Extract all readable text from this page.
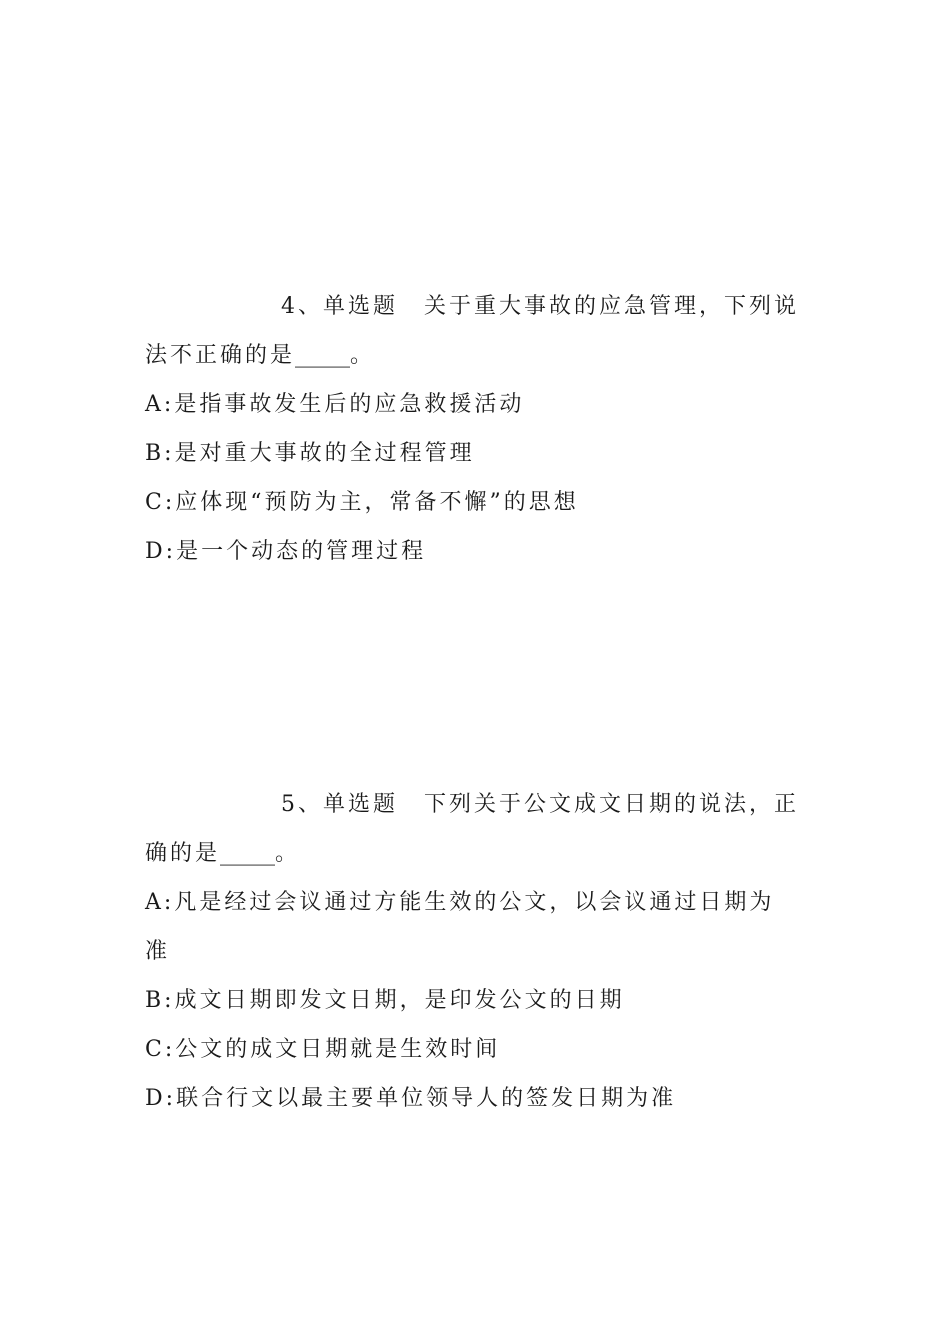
4、单选题 关于重大事故的应急管理，下列说
法不正确的是_____。
A:是指事故发生后的应急救援活动
B:是对重大事故的全过程管理
C:应体现“预防为主，常备不懈”的思想
D:是一个动态的管理过程
5、单选题 下列关于公文成文日期的说法，正
确的是_____。
A:凡是经过会议通过方能生效的公文，以会议通过日期为
准
B:成文日期即发文日期，是印发公文的日期
C:公文的成文日期就是生效时间
D:联合行文以最主要单位领导人的签发日期为准
